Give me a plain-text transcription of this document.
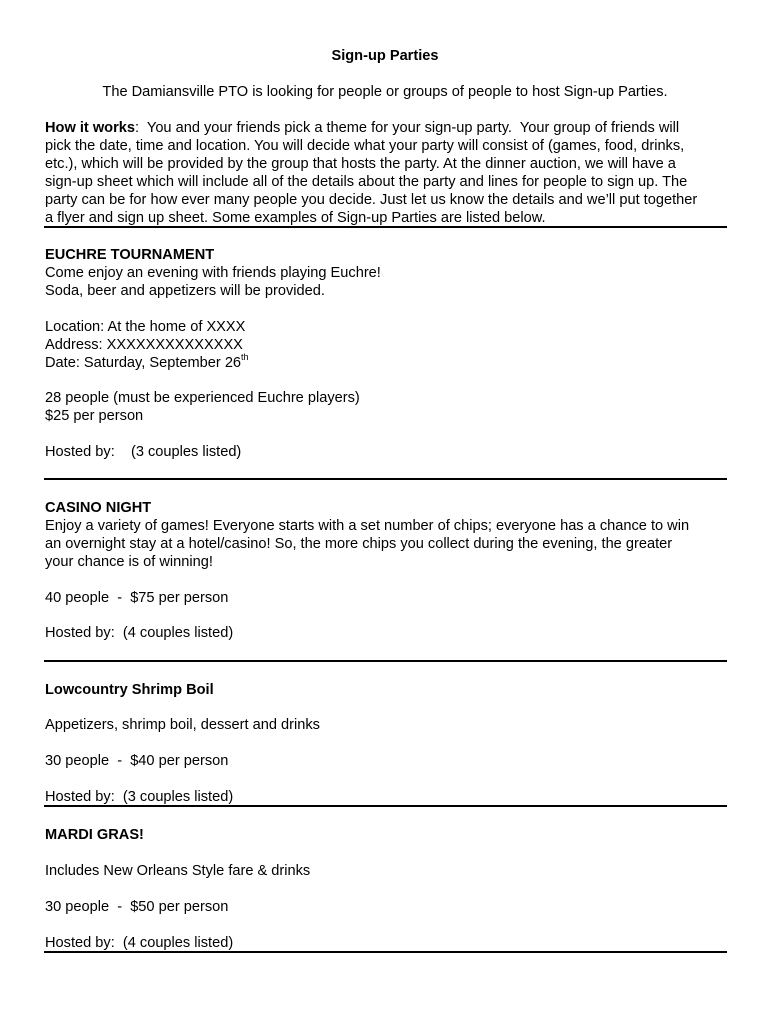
Sign-up Parties
The Damiansville PTO is looking for people or groups of people to host Sign-up Parties.
How it works:  You and your friends pick a theme for your sign-up party.  Your group of friends will
pick the date, time and location. You will decide what your party will consist of (games, food, drinks,
etc.), which will be provided by the group that hosts the party. At the dinner auction, we will have a
sign-up sheet which will include all of the details about the party and lines for people to sign up. The
party can be for how ever many people you decide. Just let us know the details and we’ll put together
a flyer and sign up sheet. Some examples of Sign-up Parties are listed below.
EUCHRE TOURNAMENT
Come enjoy an evening with friends playing Euchre!
Soda, beer and appetizers will be provided.
Location: At the home of XXXX
Address: XXXXXXXXXXXXXX
Date: Saturday, September 26th
28 people (must be experienced Euchre players)
$25 per person
Hosted by:    (3 couples listed)
CASINO NIGHT
Enjoy a variety of games! Everyone starts with a set number of chips; everyone has a chance to win
an overnight stay at a hotel/casino! So, the more chips you collect during the evening, the greater
your chance is of winning!
40 people  -  $75 per person
Hosted by:  (4 couples listed)
Lowcountry Shrimp Boil
Appetizers, shrimp boil, dessert and drinks
30 people  -  $40 per person
Hosted by:  (3 couples listed)
MARDI GRAS!
Includes New Orleans Style fare & drinks
30 people  -  $50 per person
Hosted by:  (4 couples listed)
